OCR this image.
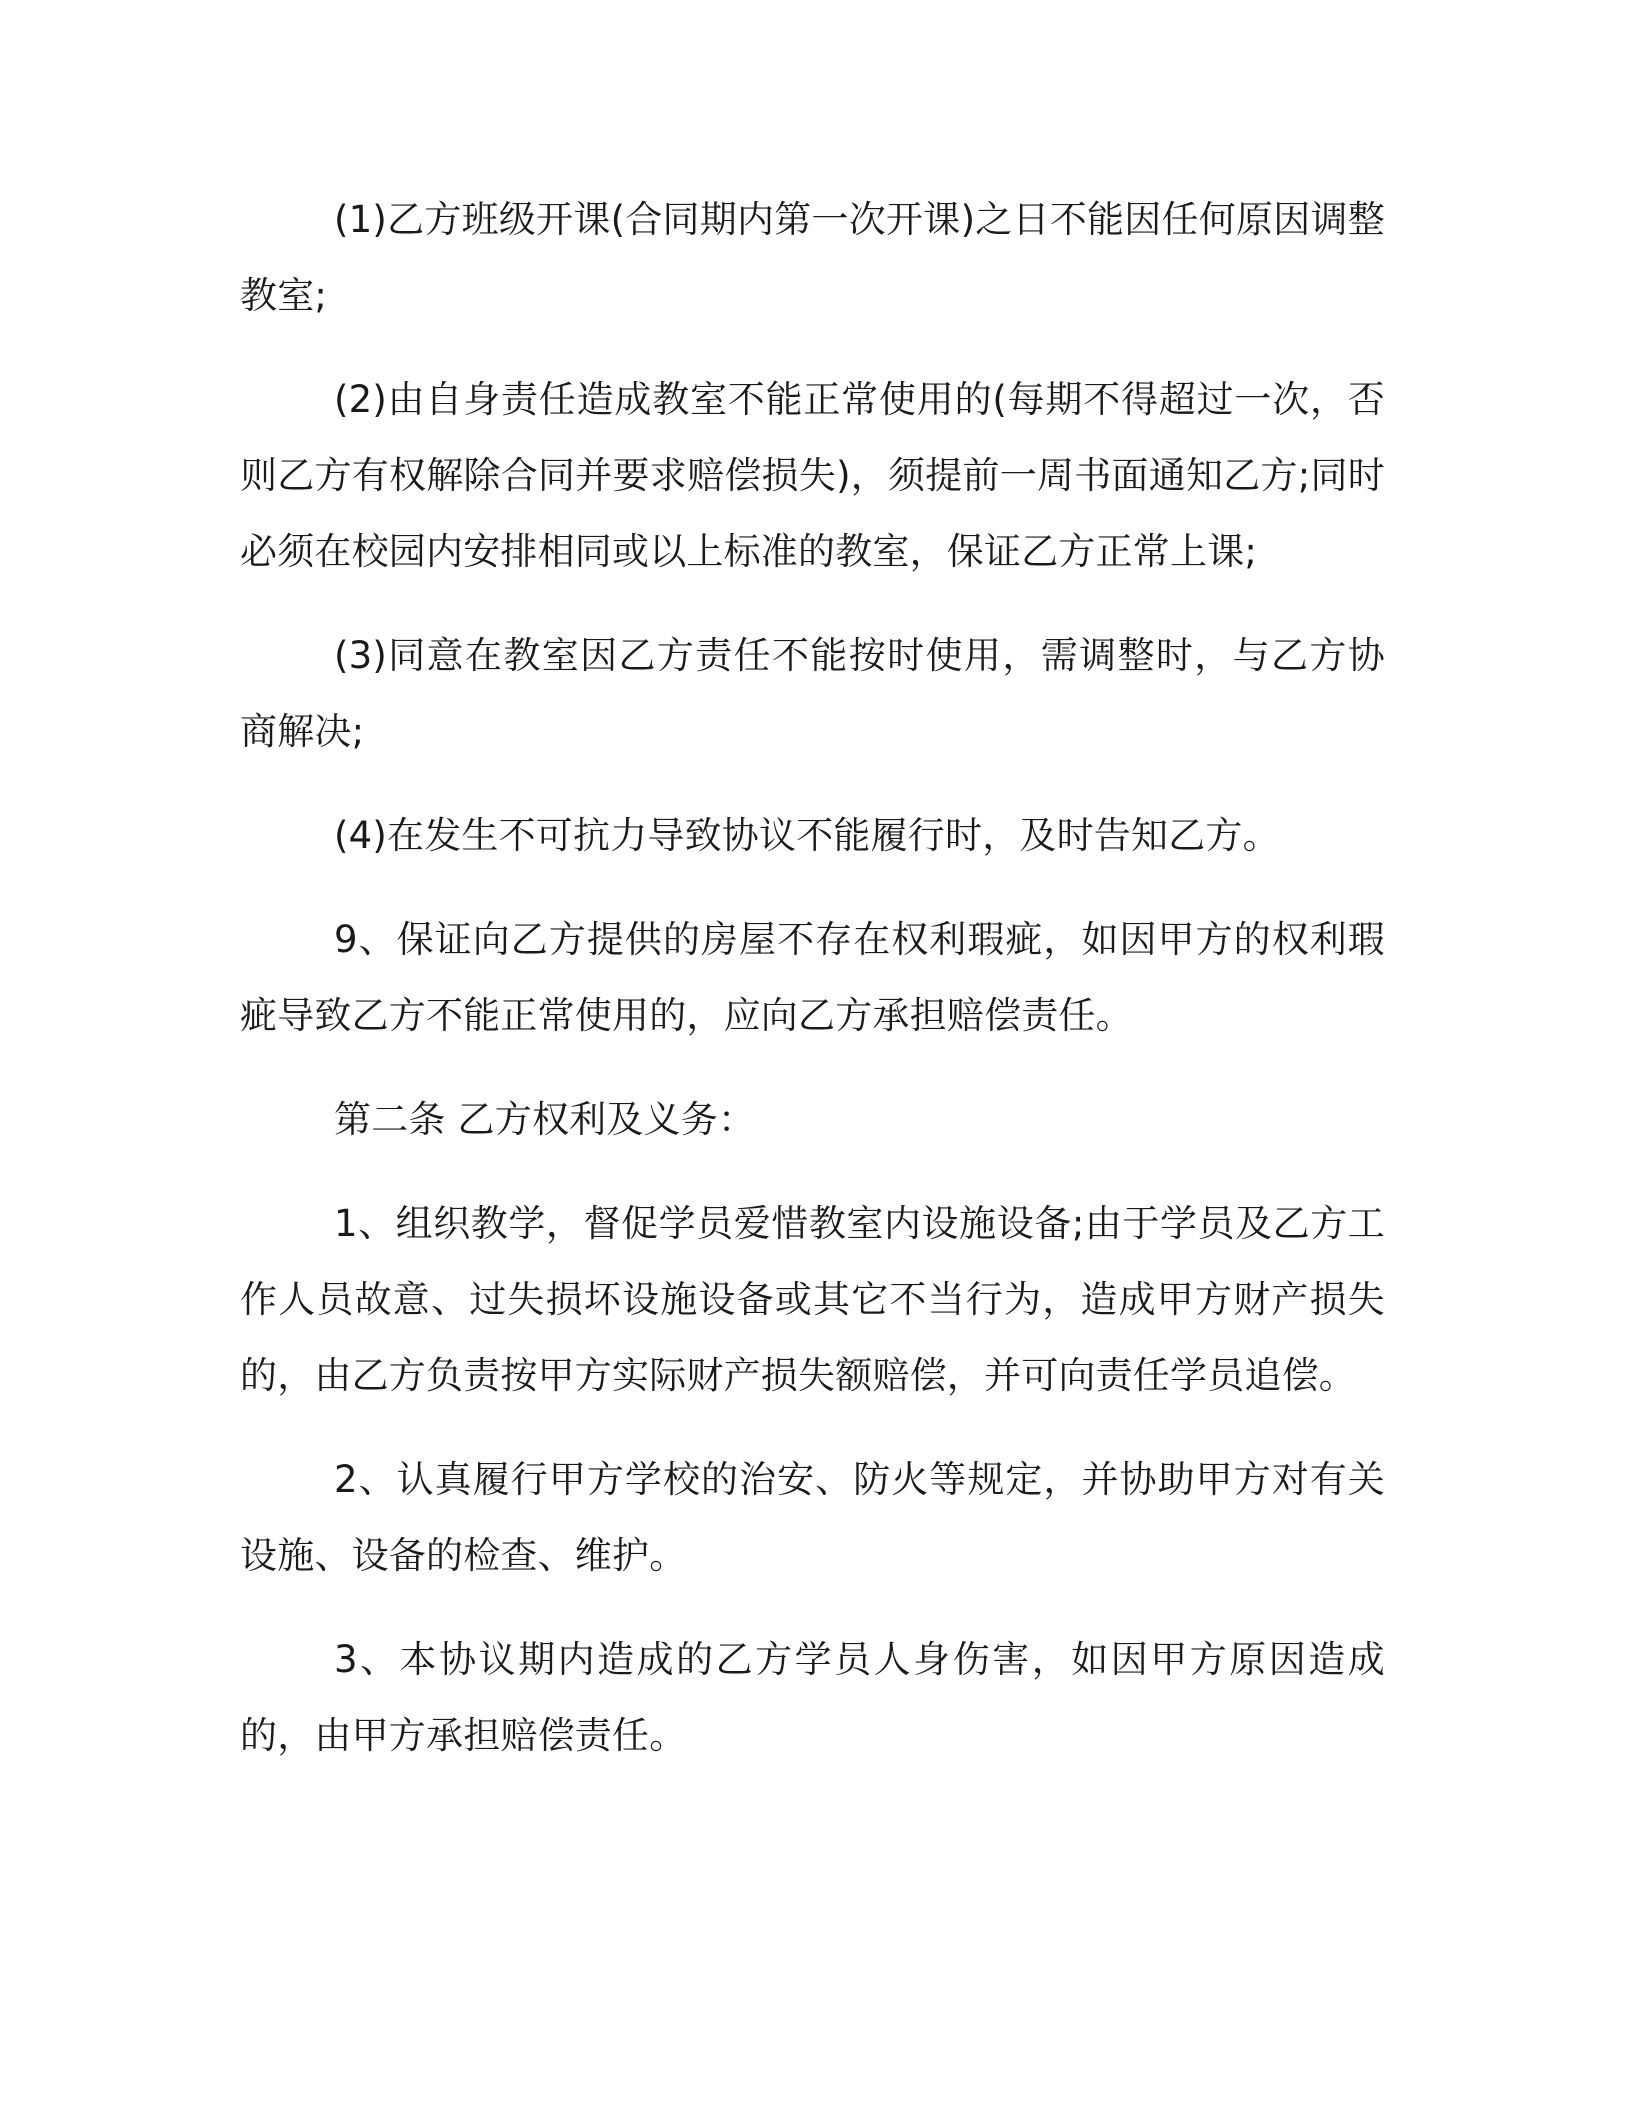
(1)乙方班级开课(合同期内第一次开课)之日不能因任何原因调整教室;

(2)由自身责任造成教室不能正常使用的(每期不得超过一次，否则乙方有权解除合同并要求赔偿损失)，须提前一周书面通知乙方;同时必须在校园内安排相同或以上标准的教室，保证乙方正常上课;

(3)同意在教室因乙方责任不能按时使用，需调整时，与乙方协商解决;

(4)在发生不可抗力导致协议不能履行时，及时告知乙方。

9、保证向乙方提供的房屋不存在权利瑕疵，如因甲方的权利瑕疵导致乙方不能正常使用的，应向乙方承担赔偿责任。

第二条 乙方权利及义务：

1、组织教学，督促学员爱惜教室内设施设备;由于学员及乙方工作人员故意、过失损坏设施设备或其它不当行为，造成甲方财产损失的，由乙方负责按甲方实际财产损失额赔偿，并可向责任学员追偿。

2、认真履行甲方学校的治安、防火等规定，并协助甲方对有关设施、设备的检查、维护。

3、本协议期内造成的乙方学员人身伤害，如因甲方原因造成的，由甲方承担赔偿责任。
